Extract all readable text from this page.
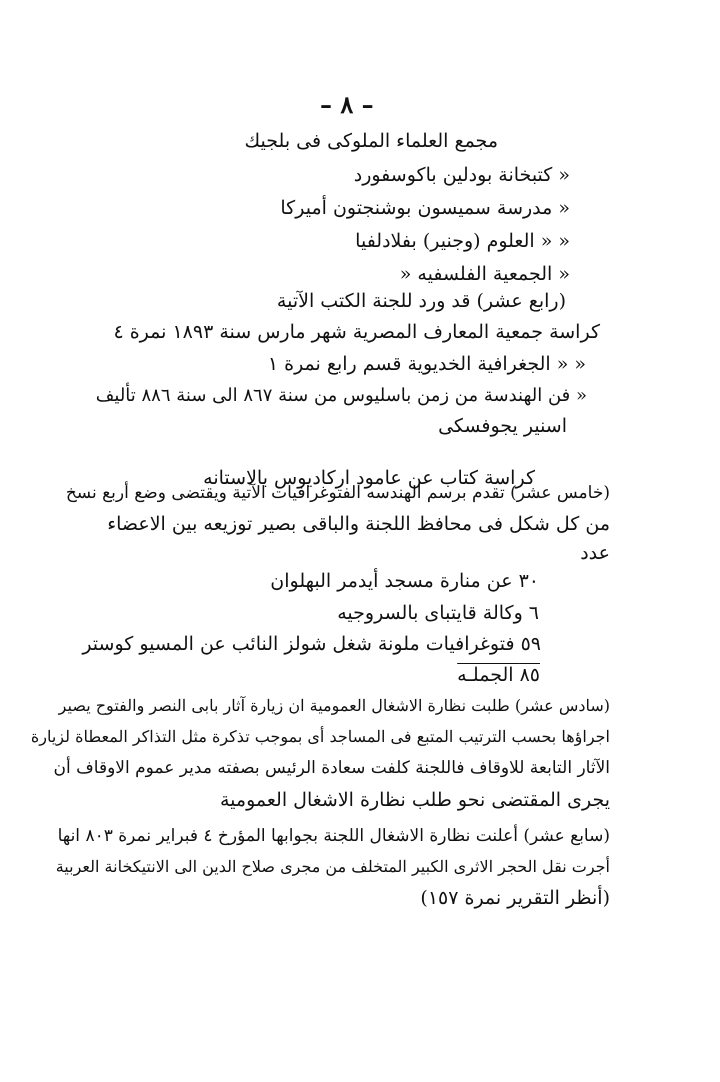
– ٨ –
مجمع العلماء الملوكى فى بلجيك
« كتبخانة بودلين باكوسفورد
« مدرسة سميسون بوشنجتون أميركا
« « العلوم (وجنير) بفلادلفيا
« الجمعية الفلسفيه «
(رابع عشر) قد ورد للجنة الكتب الآتية
كراسة جمعية المعارف المصرية شهر مارس سنة ١٨٩٣ نمرة ٤
« « الجغرافية الخديوية قسم رابع نمرة ١
« فن الهندسة من زمن باسليوس من سنة ٨٦٧ الى سنة ٨٨٦ تأليف
اسنير يجوفسكى
كراسة كتاب عن عامود اركاديوس بالاستانه
(خامس عشر) تقدم برسم الهندسه الفتوغرافيات الآتية ويقتضى وضع أربع نسخ
من كل شكل فى محافظ اللجنة والباقى بصير توزيعه بين الاعضاء
عدد
٣٠ عن منارة مسجد أيدمر البهلوان
٦ وكالة قايتباى بالسروجيه
٥٩ فتوغرافيات ملونة شغل شولز النائب عن المسيو كوستر
٨٥ الجملـه
(سادس عشر) طلبت نظارة الاشغال العمومية ان زيارة آثار بابى النصر والفتوح يصير
اجراؤها بحسب الترتيب المتبع فى المساجد أى بموجب تذكرة مثل التذاكر المعطاة لزيارة
الآثار التابعة للاوقاف فاللجنة كلفت سعادة الرئيس بصفته مدير عموم الاوقاف أن
يجرى المقتضى نحو طلب نظارة الاشغال العمومية
(سابع عشر) أعلنت نظارة الاشغال اللجنة بجوابها المؤرخ ٤ فبراير نمرة ٨٠٣ انها
أجرت نقل الحجر الاثرى الكبير المتخلف من مجرى صلاح الدين الى الانتيكخانة العربية
(أنظر التقرير نمرة ١٥٧)
